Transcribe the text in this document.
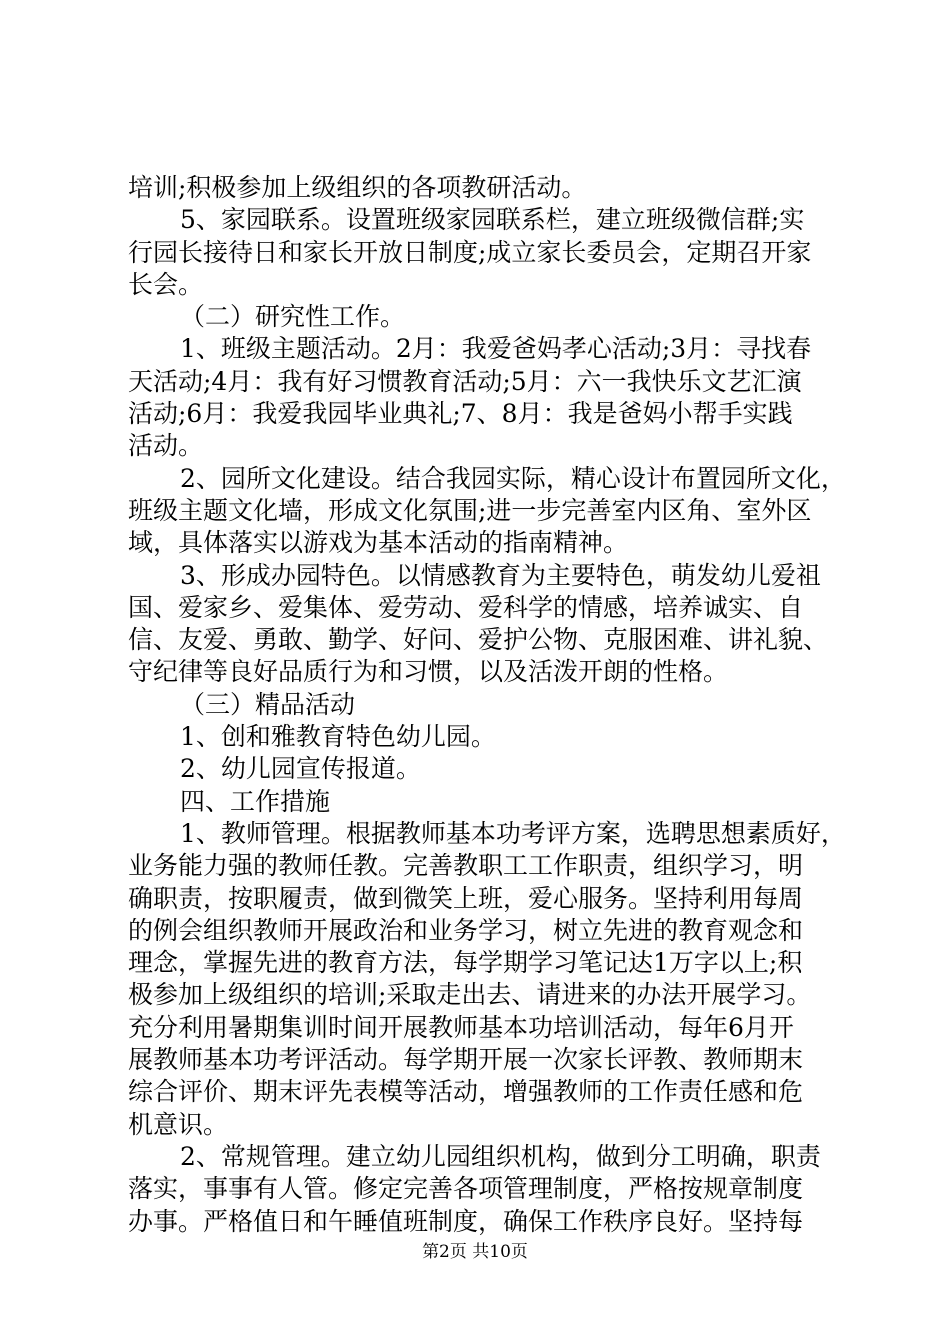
培训;积极参加上级组织的各项教研活动。
5、家园联系。设置班级家园联系栏，建立班级微信群;实
行园长接待日和家长开放日制度;成立家长委员会，定期召开家
长会。
（二）研究性工作。
1、班级主题活动。2月：我爱爸妈孝心活动;3月：寻找春
天活动;4月：我有好习惯教育活动;5月：六一我快乐文艺汇演
活动;6月：我爱我园毕业典礼;7、8月：我是爸妈小帮手实践
活动。
2、园所文化建设。结合我园实际，精心设计布置园所文化，
班级主题文化墙，形成文化氛围;进一步完善室内区角、室外区
域，具体落实以游戏为基本活动的指南精神。
3、形成办园特色。以情感教育为主要特色，萌发幼儿爱祖
国、爱家乡、爱集体、爱劳动、爱科学的情感，培养诚实、自
信、友爱、勇敢、勤学、好问、爱护公物、克服困难、讲礼貌、
守纪律等良好品质行为和习惯，以及活泼开朗的性格。
（三）精品活动
1、创和雅教育特色幼儿园。
2、幼儿园宣传报道。
四、工作措施
1、教师管理。根据教师基本功考评方案，选聘思想素质好，
业务能力强的教师任教。完善教职工工作职责，组织学习，明
确职责，按职履责，做到微笑上班，爱心服务。坚持利用每周
的例会组织教师开展政治和业务学习，树立先进的教育观念和
理念，掌握先进的教育方法，每学期学习笔记达1万字以上;积
极参加上级组织的培训;采取走出去、请进来的办法开展学习。
充分利用暑期集训时间开展教师基本功培训活动，每年6月开
展教师基本功考评活动。每学期开展一次家长评教、教师期末
综合评价、期末评先表模等活动，增强教师的工作责任感和危
机意识。
2、常规管理。建立幼儿园组织机构，做到分工明确，职责
落实，事事有人管。修定完善各项管理制度，严格按规章制度
办事。严格值日和午睡值班制度，确保工作秩序良好。坚持每
第2页 共10页
